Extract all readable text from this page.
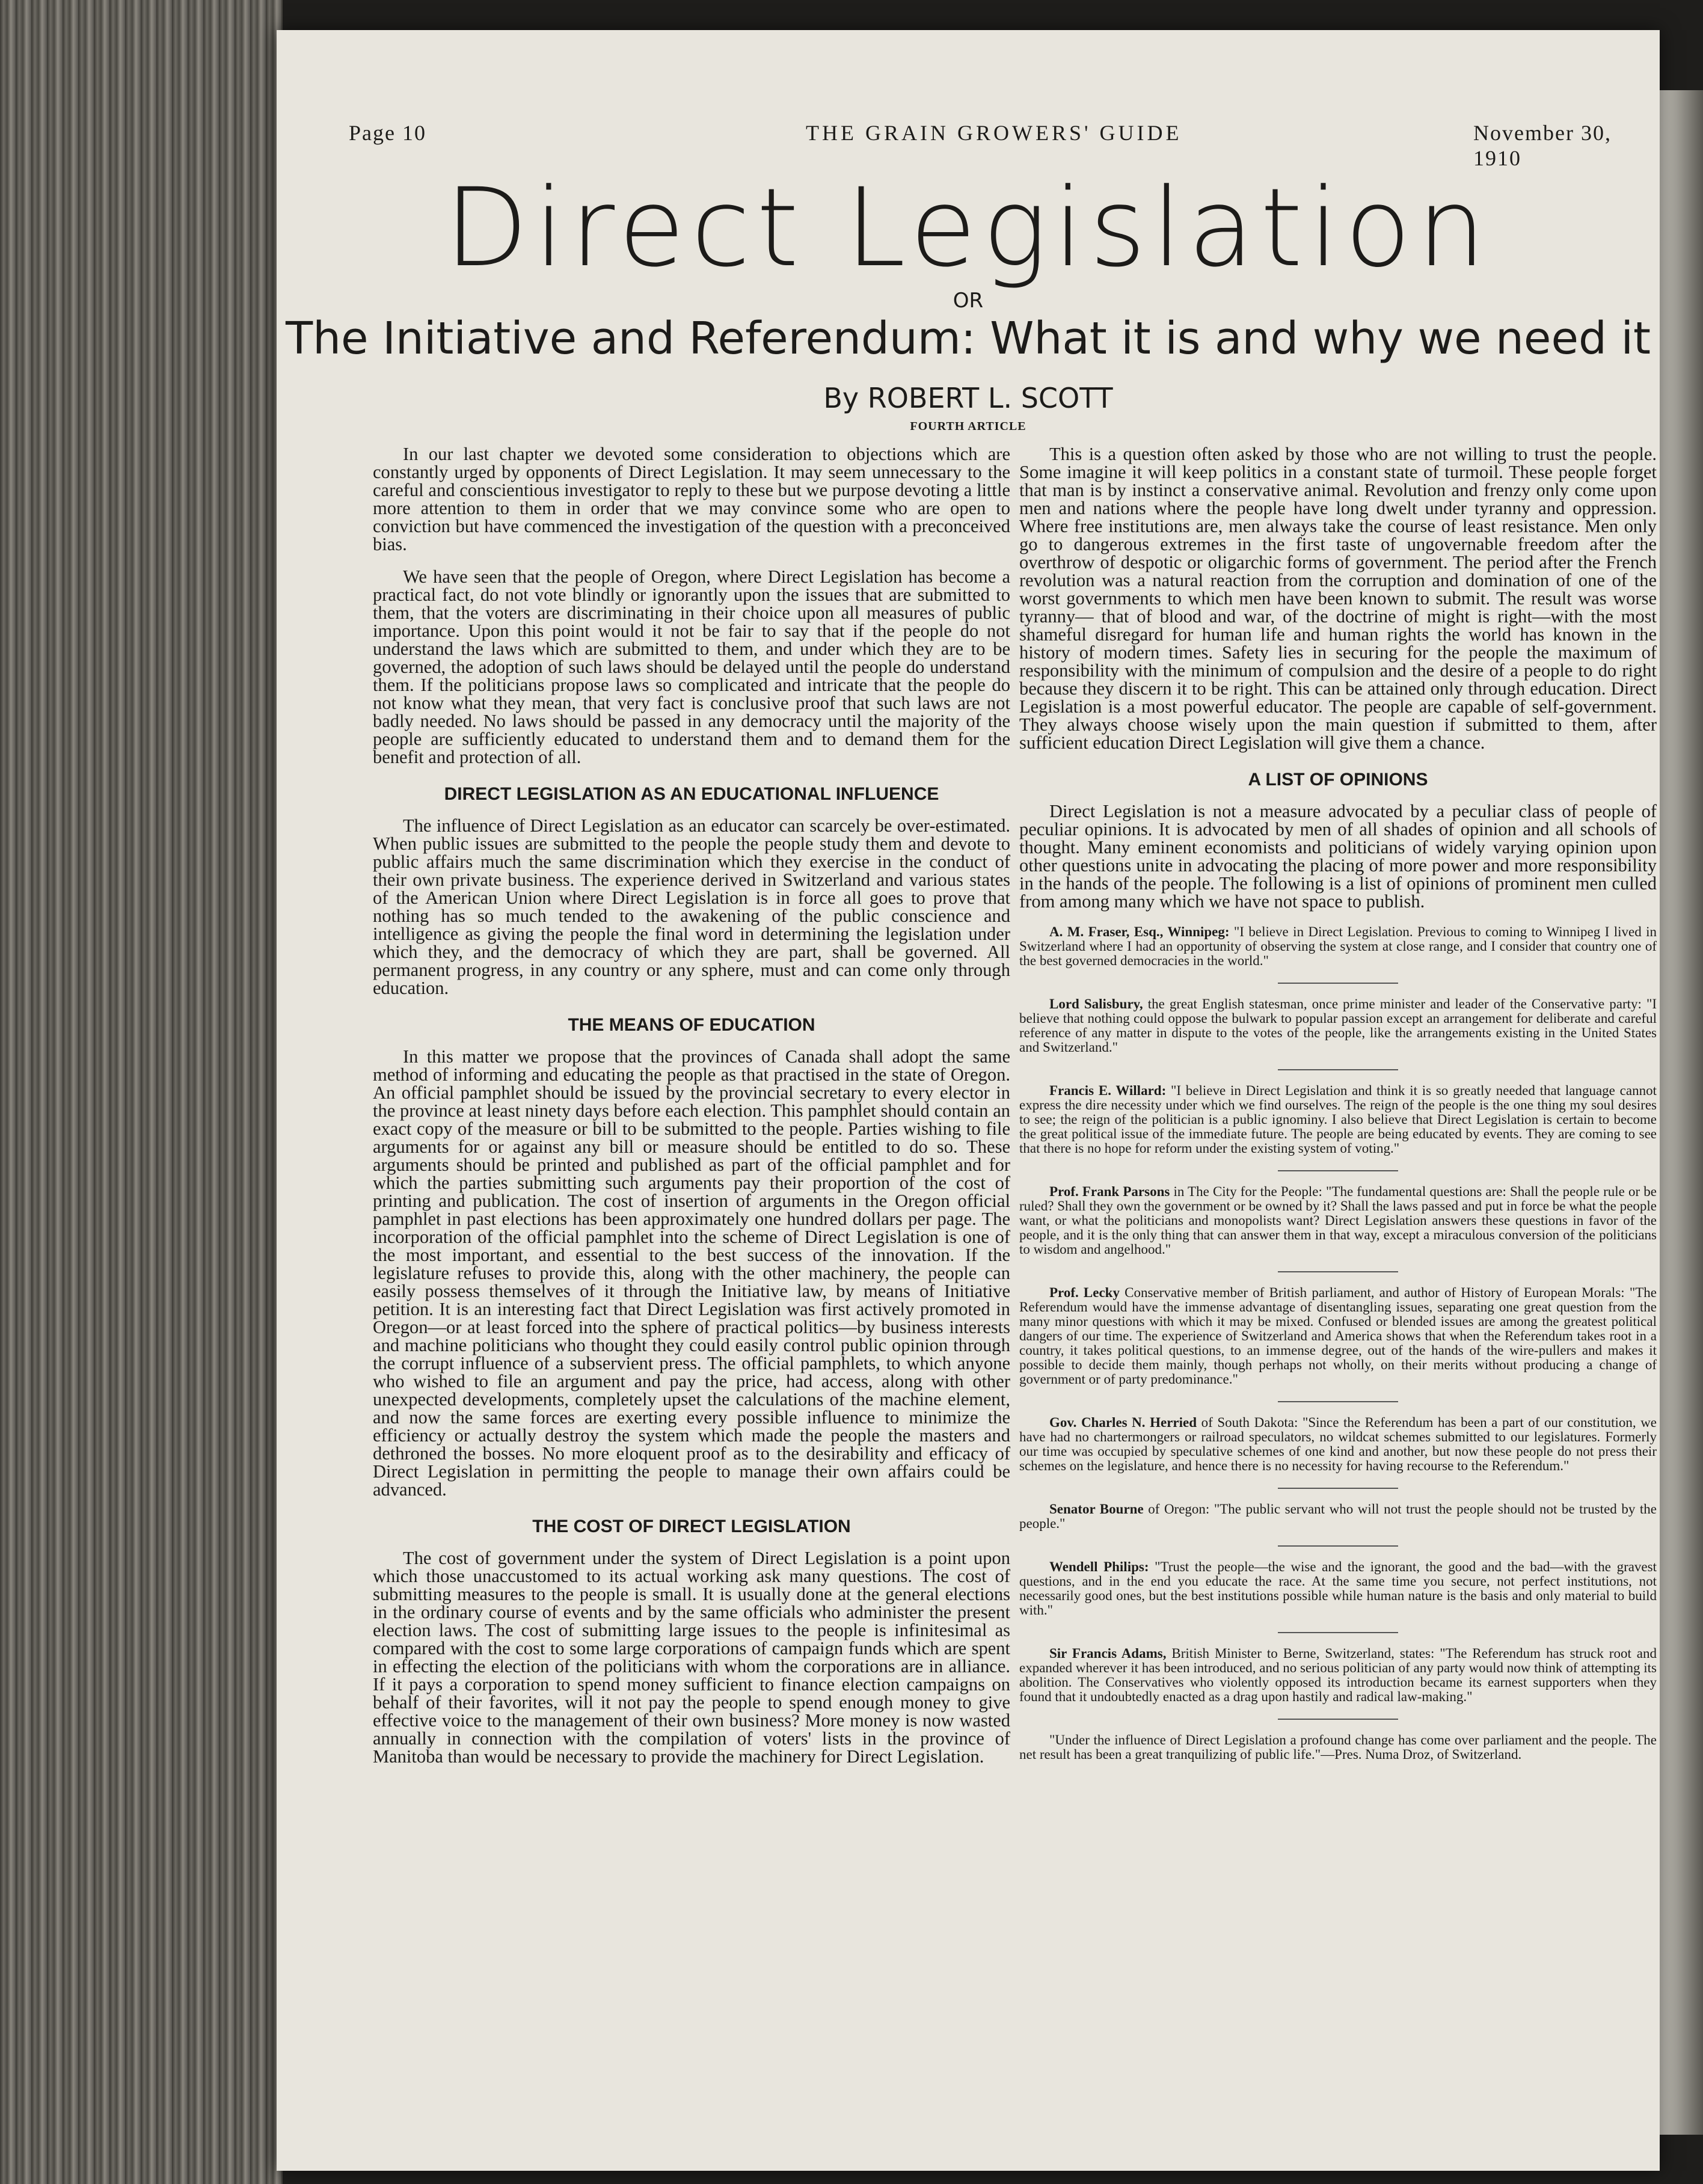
Page 10	THE GRAIN GROWERS' GUIDE	November 30, 1910
Direct Legislation
OR
The Initiative and Referendum: What it is and why we need it
By ROBERT L. SCOTT
FOURTH ARTICLE

In our last chapter we devoted some consideration to objections which are constantly urged by opponents of Direct Legislation. It may seem unnecessary to the careful and conscientious investigator to reply to these but we purpose devoting a little more attention to them in order that we may convince some who are open to conviction but have commenced the investigation of the question with a preconceived bias.

We have seen that the people of Oregon, where Direct Legislation has become a practical fact, do not vote blindly or ignorantly upon the issues that are submitted to them, that the voters are discriminating in their choice upon all measures of public importance. Upon this point would it not be fair to say that if the people do not understand the laws which are submitted to them, and under which they are to be governed, the adoption of such laws should be delayed until the people do understand them. If the politicians propose laws so complicated and intricate that the people do not know what they mean, that very fact is conclusive proof that such laws are not badly needed. No laws should be passed in any democracy until the majority of the people are sufficiently educated to understand them and to demand them for the benefit and protection of all.

DIRECT LEGISLATION AS AN EDUCATIONAL INFLUENCE

The influence of Direct Legislation as an educator can scarcely be over-estimated. When public issues are submitted to the people the people study them and devote to public affairs much the same discrimination which they exercise in the conduct of their own private business. The experience derived in Switzerland and various states of the American Union where Direct Legislation is in force all goes to prove that nothing has so much tended to the awakening of the public conscience and intelligence as giving the people the final word in determining the legislation under which they, and the democracy of which they are part, shall be governed. All permanent progress, in any country or any sphere, must and can come only through education.

THE MEANS OF EDUCATION

In this matter we propose that the provinces of Canada shall adopt the same method of informing and educating the people as that practised in the state of Oregon. An official pamphlet should be issued by the provincial secretary to every elector in the province at least ninety days before each election. This pamphlet should contain an exact copy of the measure or bill to be submitted to the people. Parties wishing to file arguments for or against any bill or measure should be entitled to do so. These arguments should be printed and published as part of the official pamphlet and for which the parties submitting such arguments pay their proportion of the cost of printing and publication. The cost of insertion of arguments in the Oregon official pamphlet in past elections has been approximately one hundred dollars per page. The incorporation of the official pamphlet into the scheme of Direct Legislation is one of the most important, and essential to the best success of the innovation. If the legislature refuses to provide this, along with the other machinery, the people can easily possess themselves of it through the Initiative law, by means of Initiative petition. It is an interesting fact that Direct Legislation was first actively promoted in Oregon—or at least forced into the sphere of practical politics—by business interests and machine politicians who thought they could easily control public opinion through the corrupt influence of a subservient press. The official pamphlets, to which anyone who wished to file an argument and pay the price, had access, along with other unexpected developments, completely upset the calculations of the machine element, and now the same forces are exerting every possible influence to minimize the efficiency or actually destroy the system which made the people the masters and dethroned the bosses. No more eloquent proof as to the desirability and efficacy of Direct Legislation in permitting the people to manage their own affairs could be advanced.

THE COST OF DIRECT LEGISLATION

The cost of government under the system of Direct Legislation is a point upon which those unaccustomed to its actual working ask many questions. The cost of submitting measures to the people is small. It is usually done at the general elections in the ordinary course of events and by the same officials who administer the present election laws. The cost of submitting large issues to the people is infinitesimal as compared with the cost to some large corporations of campaign funds which are spent in effecting the election of the politicians with whom the corporations are in alliance. If it pays a corporation to spend money sufficient to finance election campaigns on behalf of their favorites, will it not pay the people to spend enough money to give effective voice to the management of their own business? More money is now wasted annually in connection with the compilation of voters' lists in the province of Manitoba than would be necessary to provide the machinery for Direct Legislation.

This is a question often asked by those who are not willing to trust the people. Some imagine it will keep politics in a constant state of turmoil. These people forget that man is by instinct a conservative animal. Revolution and frenzy only come upon men and nations where the people have long dwelt under tyranny and oppression. Where free institutions are, men always take the course of least resistance. Men only go to dangerous extremes in the first taste of ungovernable freedom after the overthrow of despotic or oligarchic forms of government. The period after the French revolution was a natural reaction from the corruption and domination of one of the worst governments to which men have been known to submit. The result was worse tyranny— that of blood and war, of the doctrine of might is right—with the most shameful disregard for human life and human rights the world has known in the history of modern times. Safety lies in securing for the people the maximum of responsibility with the minimum of compulsion and the desire of a people to do right because they discern it to be right. This can be attained only through education. Direct Legislation is a most powerful educator. The people are capable of self-government. They always choose wisely upon the main question if submitted to them, after sufficient education Direct Legislation will give them a chance.

A LIST OF OPINIONS

Direct Legislation is not a measure advocated by a peculiar class of people of peculiar opinions. It is advocated by men of all shades of opinion and all schools of thought. Many eminent economists and politicians of widely varying opinion upon other questions unite in advocating the placing of more power and more responsibility in the hands of the people. The following is a list of opinions of prominent men culled from among many which we have not space to publish.

A. M. Fraser, Esq., Winnipeg: "I believe in Direct Legislation. Previous to coming to Winnipeg I lived in Switzerland where I had an opportunity of observing the system at close range, and I consider that country one of the best governed democracies in the world."

Lord Salisbury, the great English statesman, once prime minister and leader of the Conservative party: "I believe that nothing could oppose the bulwark to popular passion except an arrangement for deliberate and careful reference of any matter in dispute to the votes of the people, like the arrangements existing in the United States and Switzerland."

Francis E. Willard: "I believe in Direct Legislation and think it is so greatly needed that language cannot express the dire necessity under which we find ourselves. The reign of the people is the one thing my soul desires to see; the reign of the politician is a public ignominy. I also believe that Direct Legislation is certain to become the great political issue of the immediate future. The people are being educated by events. They are coming to see that there is no hope for reform under the existing system of voting."

Prof. Frank Parsons in The City for the People: "The fundamental questions are: Shall the people rule or be ruled? Shall they own the government or be owned by it? Shall the laws passed and put in force be what the people want, or what the politicians and monopolists want? Direct Legislation answers these questions in favor of the people, and it is the only thing that can answer them in that way, except a miraculous conversion of the politicians to wisdom and angelhood."

Prof. Lecky Conservative member of British parliament, and author of History of European Morals: "The Referendum would have the immense advantage of disentangling issues, separating one great question from the many minor questions with which it may be mixed. Confused or blended issues are among the greatest political dangers of our time. The experience of Switzerland and America shows that when the Referendum takes root in a country, it takes political questions, to an immense degree, out of the hands of the wire-pullers and makes it possible to decide them mainly, though perhaps not wholly, on their merits without producing a change of government or of party predominance."

Gov. Charles N. Herried of South Dakota: "Since the Referendum has been a part of our constitution, we have had no chartermongers or railroad speculators, no wildcat schemes submitted to our legislatures. Formerly our time was occupied by speculative schemes of one kind and another, but now these people do not press their schemes on the legislature, and hence there is no necessity for having recourse to the Referendum."

Senator Bourne of Oregon: "The public servant who will not trust the people should not be trusted by the people."

Wendell Philips: "Trust the people—the wise and the ignorant, the good and the bad—with the gravest questions, and in the end you educate the race. At the same time you secure, not perfect institutions, not necessarily good ones, but the best institutions possible while human nature is the basis and only material to build with."

Sir Francis Adams, British Minister to Berne, Switzerland, states: "The Referendum has struck root and expanded wherever it has been introduced, and no serious politician of any party would now think of attempting its abolition. The Conservatives who violently opposed its introduction became its earnest supporters when they found that it undoubtedly enacted as a drag upon hastily and radical law-making."

"Under the influence of Direct Legislation a profound change has come over parliament and the people. The net result has been a great tranquilizing of public life."—Pres. Numa Droz, of Switzerland.
